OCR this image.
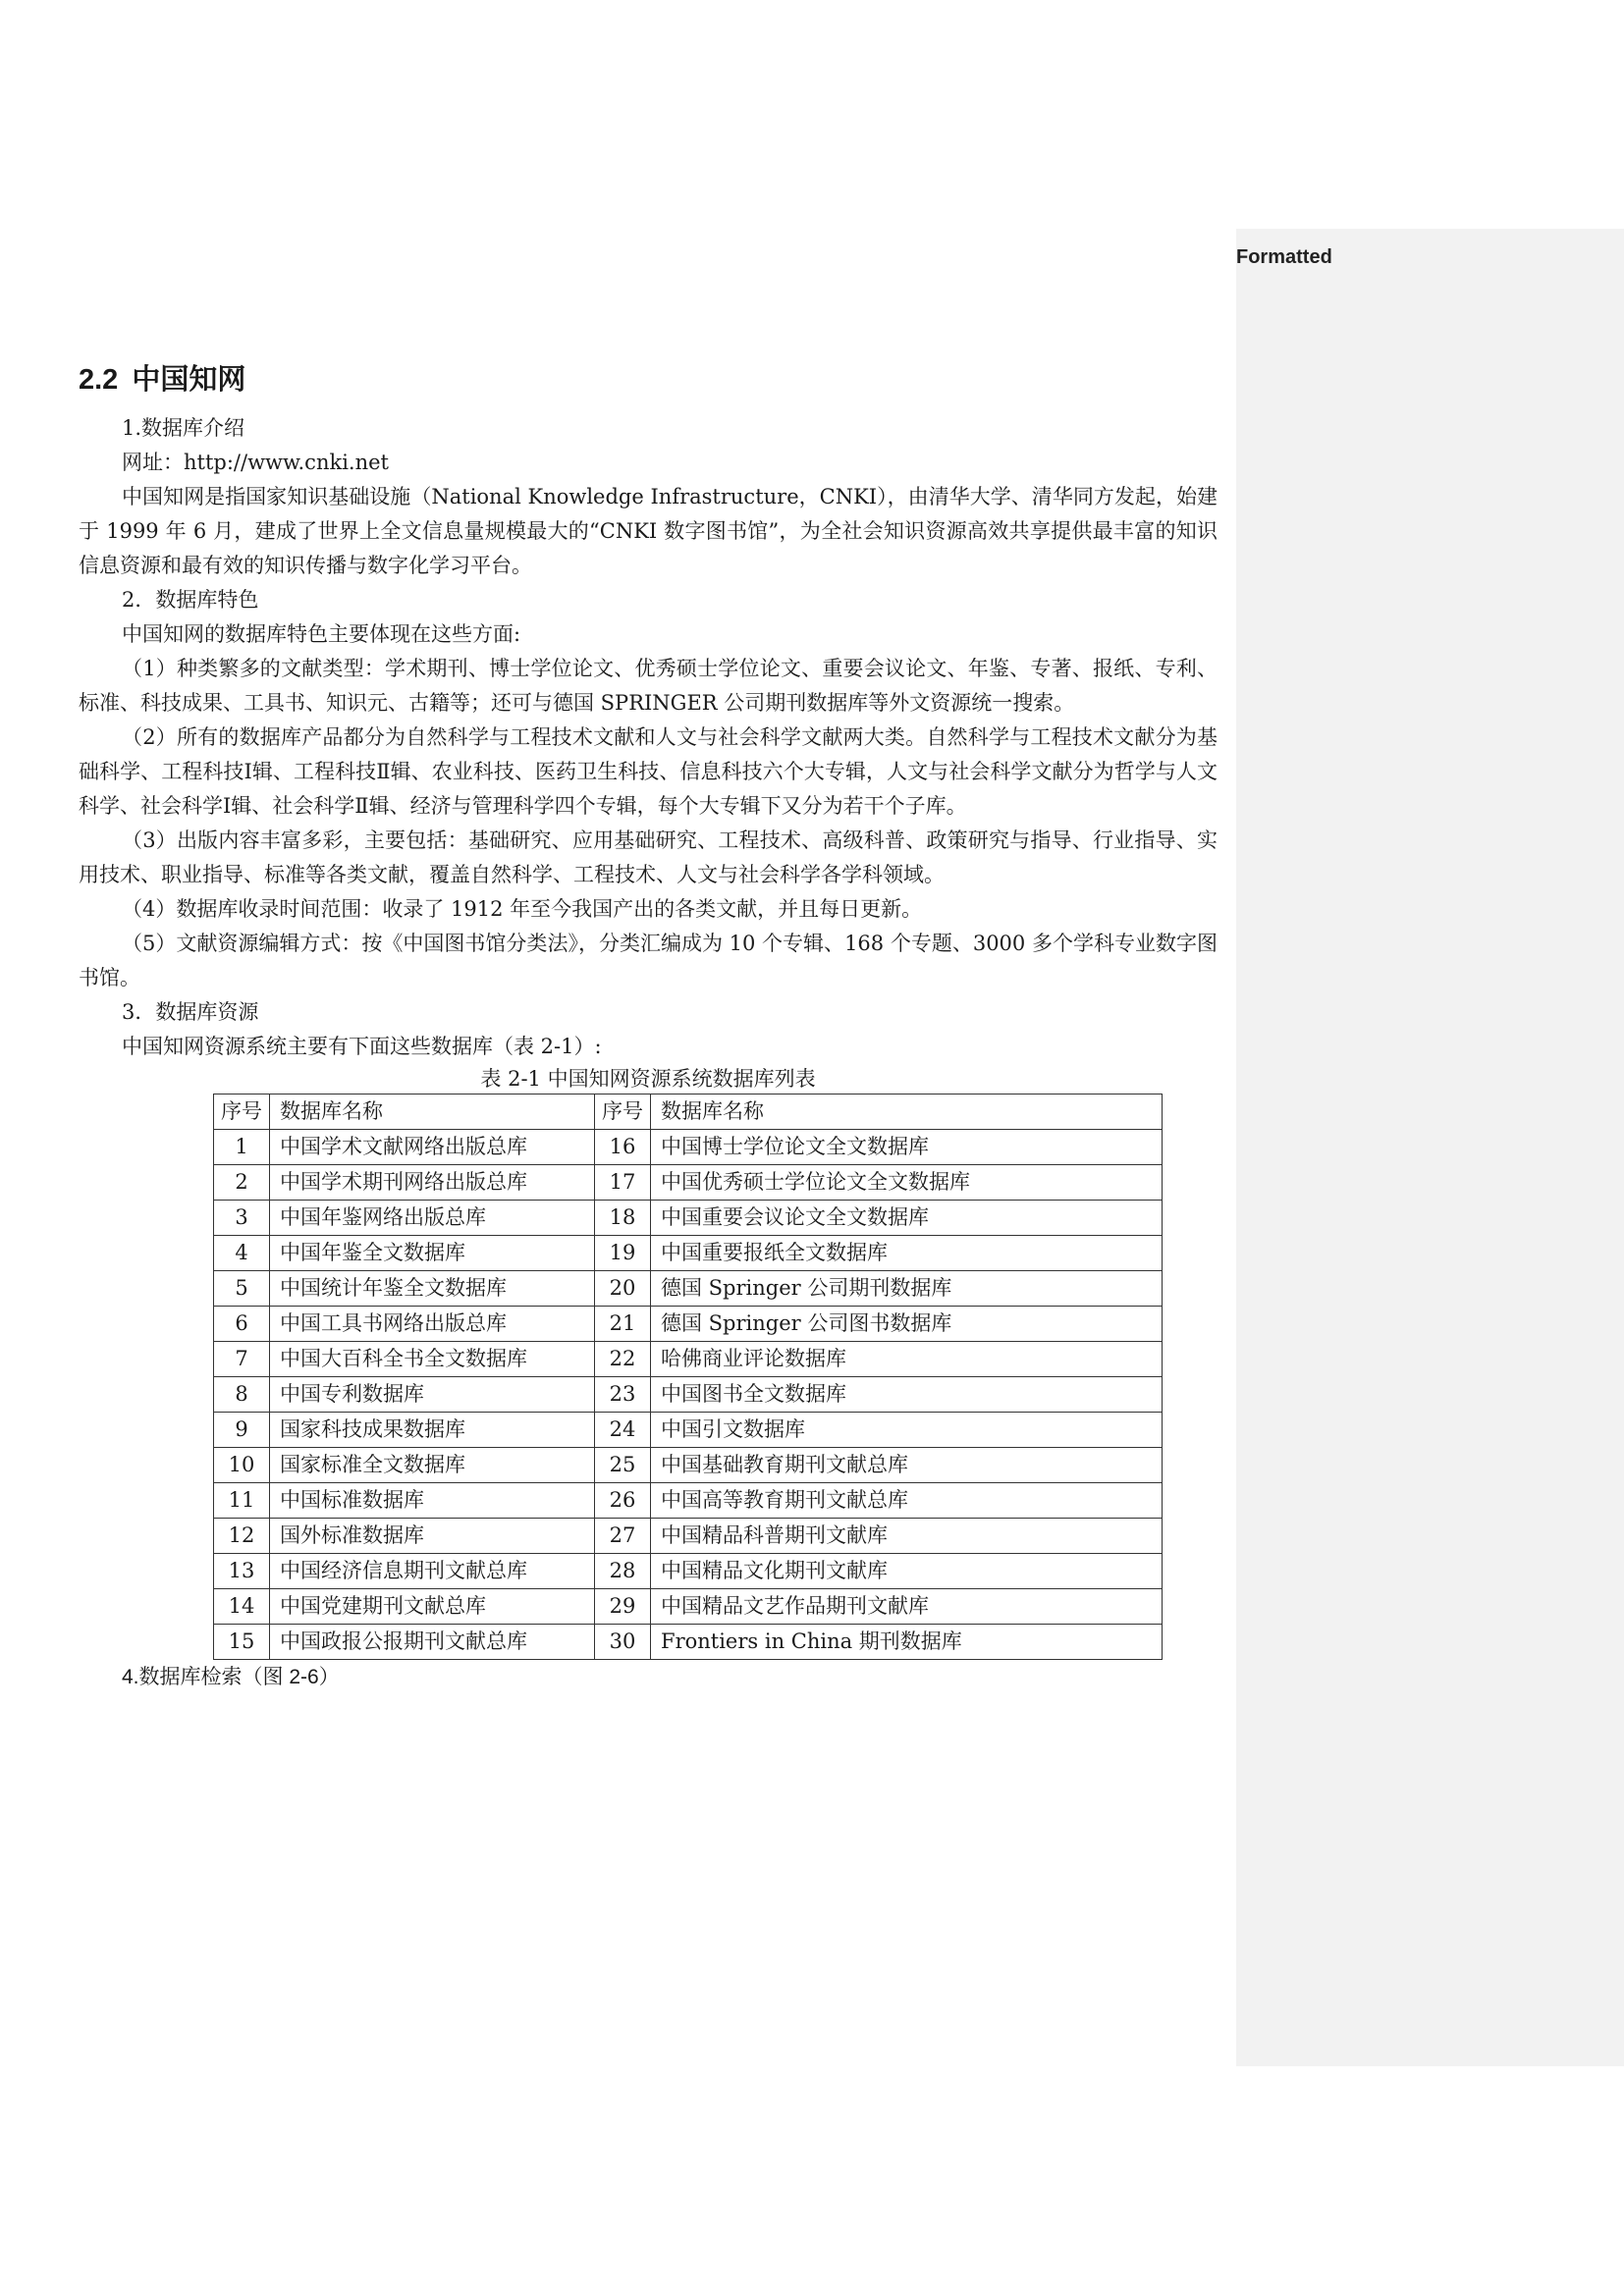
Formatted
2.2 中国知网

1.数据库介绍

网址：http://www.cnki.net

中国知网是指国家知识基础设施（National Knowledge Infrastructure，CNKI），由清华大学、清华同方发起，始建于 1999 年 6 月，建成了世界上全文信息量规模最大的“CNKI 数字图书馆”，为全社会知识资源高效共享提供最丰富的知识信息资源和最有效的知识传播与数字化学习平台。

2．数据库特色

中国知网的数据库特色主要体现在这些方面:

（1）种类繁多的文献类型：学术期刊、博士学位论文、优秀硕士学位论文、重要会议论文、年鉴、专著、报纸、专利、标准、科技成果、工具书、知识元、古籍等；还可与德国 SPRINGER 公司期刊数据库等外文资源统一搜索。

（2）所有的数据库产品都分为自然科学与工程技术文献和人文与社会科学文献两大类。自然科学与工程技术文献分为基础科学、工程科技Ⅰ辑、工程科技Ⅱ辑、农业科技、医药卫生科技、信息科技六个大专辑，人文与社会科学文献分为哲学与人文科学、社会科学Ⅰ辑、社会科学Ⅱ辑、经济与管理科学四个专辑，每个大专辑下又分为若干个子库。

（3）出版内容丰富多彩，主要包括：基础研究、应用基础研究、工程技术、高级科普、政策研究与指导、行业指导、实用技术、职业指导、标准等各类文献，覆盖自然科学、工程技术、人文与社会科学各学科领域。

（4）数据库收录时间范围：收录了 1912 年至今我国产出的各类文献，并且每日更新。

（5）文献资源编辑方式：按《中国图书馆分类法》，分类汇编成为 10 个专辑、168 个专题、3000 多个学科专业数字图书馆。

3．数据库资源

中国知网资源系统主要有下面这些数据库（表 2-1）:

表 2-1 中国知网资源系统数据库列表
序号	数据库名称	序号	数据库名称
1	中国学术文献网络出版总库	16	中国博士学位论文全文数据库
2	中国学术期刊网络出版总库	17	中国优秀硕士学位论文全文数据库
3	中国年鉴网络出版总库	18	中国重要会议论文全文数据库
4	中国年鉴全文数据库	19	中国重要报纸全文数据库
5	中国统计年鉴全文数据库	20	德国 Springer 公司期刊数据库
6	中国工具书网络出版总库	21	德国 Springer 公司图书数据库
7	中国大百科全书全文数据库	22	哈佛商业评论数据库
8	中国专利数据库	23	中国图书全文数据库
9	国家科技成果数据库	24	中国引文数据库
10	国家标准全文数据库	25	中国基础教育期刊文献总库
11	中国标准数据库	26	中国高等教育期刊文献总库
12	国外标准数据库	27	中国精品科普期刊文献库
13	中国经济信息期刊文献总库	28	中国精品文化期刊文献库
14	中国党建期刊文献总库	29	中国精品文艺作品期刊文献库
15	中国政报公报期刊文献总库	30	Frontiers in China 期刊数据库

4.数据库检索（图 2-6）
